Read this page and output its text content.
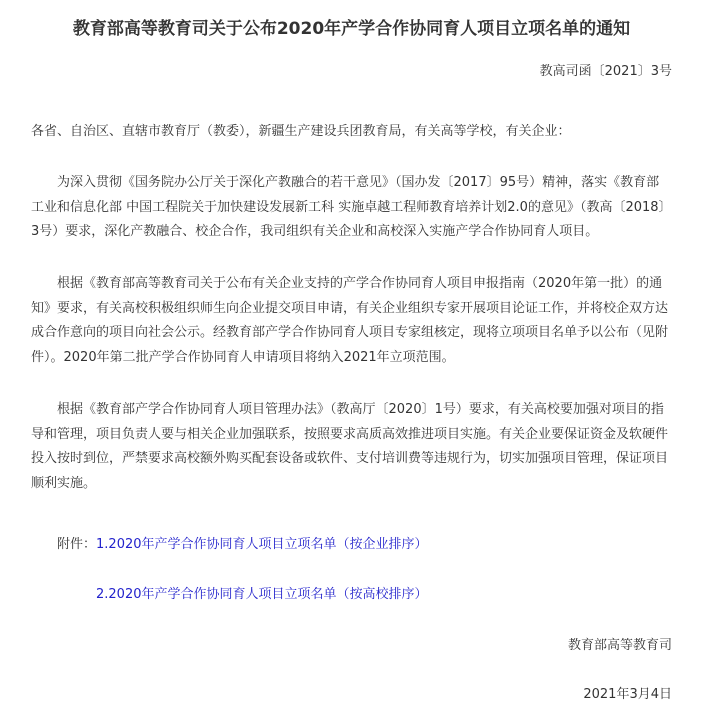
教育部高等教育司关于公布2020年产学合作协同育人项目立项名单的通知
教高司函〔2021〕3号
各省、自治区、直辖市教育厅（教委），新疆生产建设兵团教育局，有关高等学校，有关企业：
为深入贯彻《国务院办公厅关于深化产教融合的若干意见》（国办发〔2017〕95号）精神，落实《教育部 工业和信息化部 中国工程院关于加快建设发展新工科 实施卓越工程师教育培养计划2.0的意见》（教高〔2018〕3号）要求，深化产教融合、校企合作，我司组织有关企业和高校深入实施产学合作协同育人项目。
根据《教育部高等教育司关于公布有关企业支持的产学合作协同育人项目申报指南（2020年第一批）的通知》要求，有关高校积极组织师生向企业提交项目申请，有关企业组织专家开展项目论证工作，并将校企双方达成合作意向的项目向社会公示。经教育部产学合作协同育人项目专家组核定，现将立项项目名单予以公布（见附件）。2020年第二批产学合作协同育人申请项目将纳入2021年立项范围。
根据《教育部产学合作协同育人项目管理办法》（教高厅〔2020〕1号）要求，有关高校要加强对项目的指导和管理，项目负责人要与相关企业加强联系，按照要求高质高效推进项目实施。有关企业要保证资金及软硬件投入按时到位，严禁要求高校额外购买配套设备或软件、支付培训费等违规行为，切实加强项目管理，保证项目顺利实施。
附件：1.2020年产学合作协同育人项目立项名单（按企业排序）
2.2020年产学合作协同育人项目立项名单（按高校排序）
教育部高等教育司
2021年3月4日
